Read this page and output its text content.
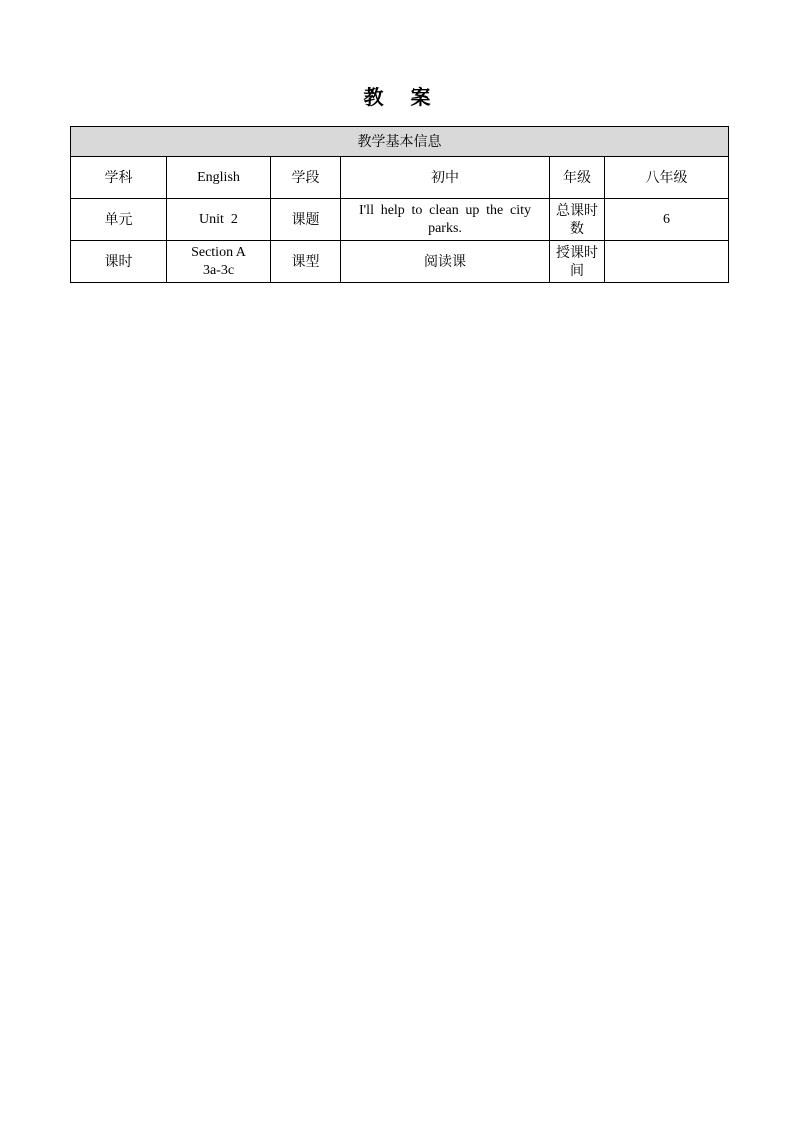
教 案
教学基本信息					
学科	English	学段	初中	年级	八年级
单元	Unit  2	课题	I'll help to clean up the city parks.	总课时数	6
课时	Section A 3a-3c	课型	阅读课	授课时间	
